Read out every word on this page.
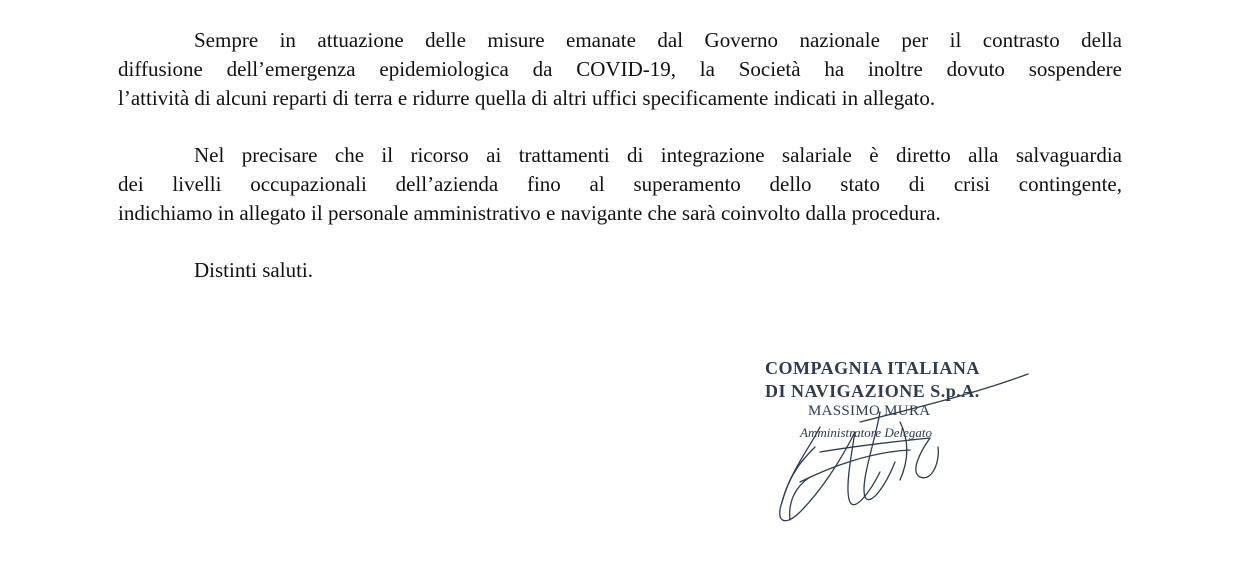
Sempre in attuazione delle misure emanate dal Governo nazionale per il contrasto della
diffusione dell’emergenza epidemiologica da COVID-19, la Società ha inoltre dovuto sospendere
l’attività di alcuni reparti di terra e ridurre quella di altri uffici specificamente indicati in allegato.
Nel precisare che il ricorso ai trattamenti di integrazione salariale è diretto alla salvaguardia
dei livelli occupazionali dell’azienda fino al superamento dello stato di crisi contingente,
indichiamo in allegato il personale amministrativo e navigante che sarà coinvolto dalla procedura.

Distinti saluti.

COMPAGNIA ITALIANA
DI NAVIGAZIONE S.p.A.
MASSIMO MURA
Amministratore Delegato
